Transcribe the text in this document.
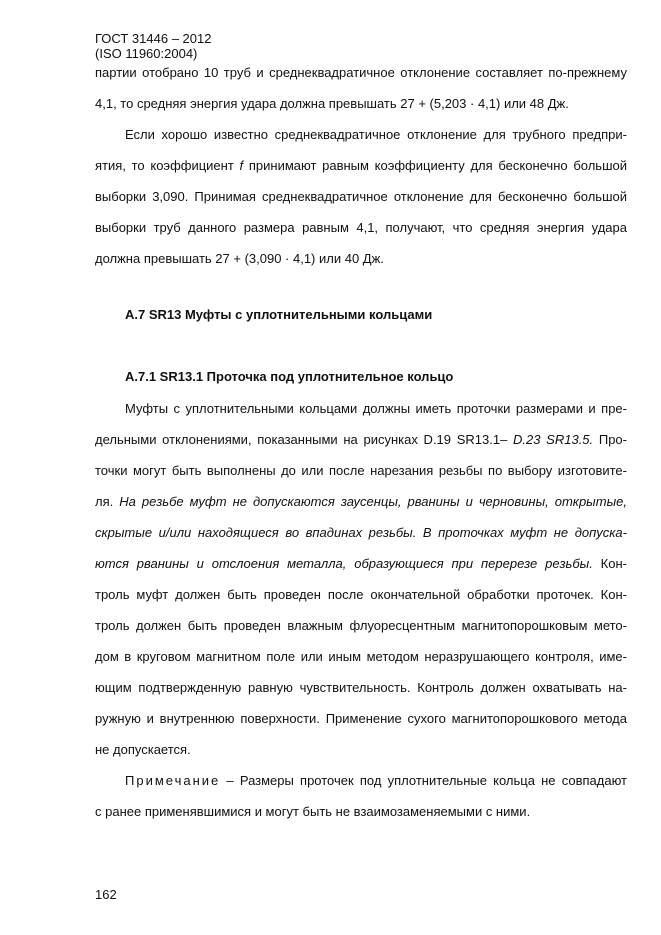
ГОСТ 31446 – 2012
(ISO 11960:2004)
партии отобрано 10 труб и среднеквадратичное отклонение составляет по-прежнему
4,1, то средняя энергия удара должна превышать 27 + (5,203 · 4,1) или 48 Дж.
Если хорошо известно среднеквадратичное отклонение для трубного предпри-
ятия, то коэффициент f принимают равным коэффициенту для бесконечно большой
выборки 3,090. Принимая среднеквадратичное отклонение для бесконечно большой
выборки труб данного размера равным 4,1, получают, что средняя энергия удара
должна превышать 27 + (3,090 · 4,1) или 40 Дж.
А.7 SR13 Муфты с уплотнительными кольцами
А.7.1 SR13.1 Проточка под уплотнительное кольцо
Муфты с уплотнительными кольцами должны иметь проточки размерами и пре-
дельными отклонениями, показанными на рисунках D.19 SR13.1– D.23 SR13.5. Про-
точки могут быть выполнены до или после нарезания резьбы по выбору изготовите-
ля. На резьбе муфт не допускаются заусенцы, рванины и черновины, открытые,
скрытые и/или находящиеся во впадинах резьбы. В проточках муфт не допуска-
ются рванины и отслоения металла, образующиеся при перерезе резьбы. Кон-
троль муфт должен быть проведен после окончательной обработки проточек. Кон-
троль должен быть проведен влажным флуоресцентным магнитопорошковым мето-
дом в круговом магнитном поле или иным методом неразрушающего контроля, име-
ющим подтвержденную равную чувствительность. Контроль должен охватывать на-
ружную и внутреннюю поверхности. Применение сухого магнитопорошкового метода
не допускается.
Примечание – Размеры проточек под уплотнительные кольца не совпадают
с ранее применявшимися и могут быть не взаимозаменяемыми с ними.
162
